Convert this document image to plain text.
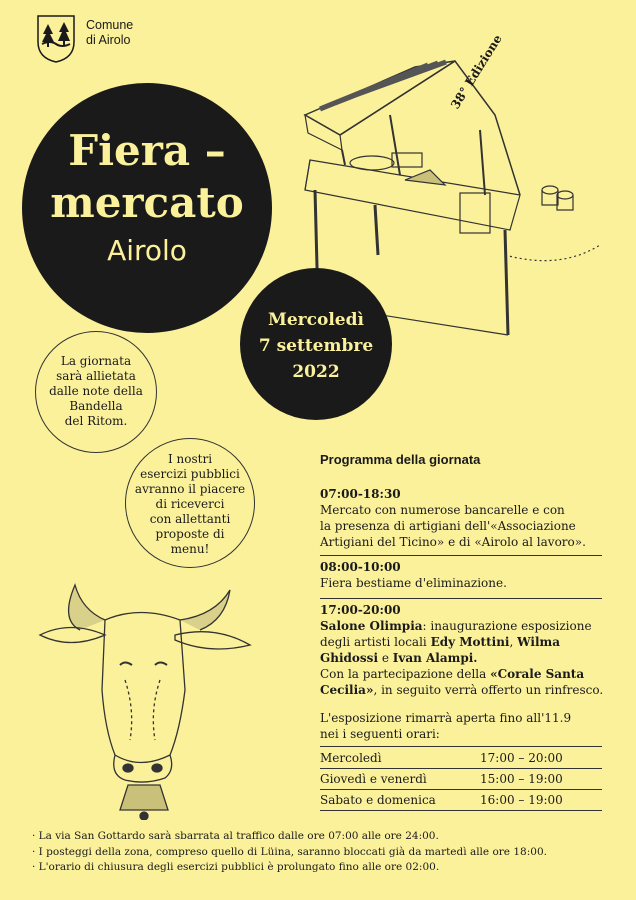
Comune
di Airolo	38° Edizione
Fiera –
mercato
Airolo
Mercoledì
7 settembre
2022
La giornata
sarà allietata
dalle note della
Bandella
del Ritom.
I nostri
esercizi pubblici
avranno il piacere
di riceverci
con allettanti
proposte di
menu!
Programma della giornata
07:00-18:30
Mercato con numerose bancarelle e con
la presenza di artigiani dell'«Associazione
Artigiani del Ticino» e di «Airolo al lavoro».
08:00-10:00
Fiera bestiame d'eliminazione.
17:00-20:00
Salone Olimpia: inaugurazione esposizione
degli artisti locali Edy Mottini, Wilma
Ghidossi e Ivan Alampi.
Con la partecipazione della «Corale Santa
Cecilia», in seguito verrà offerto un rinfresco.
L'esposizione rimarrà aperta fino all'11.9
nei i seguenti orari:
Mercoledì	17:00 – 20:00
Giovedì e venerdì	15:00 – 19:00
Sabato e domenica	16:00 – 19:00
· La via San Gottardo sarà sbarrata al traffico dalle ore 07:00 alle ore 24:00.
· I posteggi della zona, compreso quello di Lüina, saranno bloccati già da martedì alle ore 18:00.
· L'orario di chiusura degli esercizi pubblici è prolungato fino alle ore 02:00.
